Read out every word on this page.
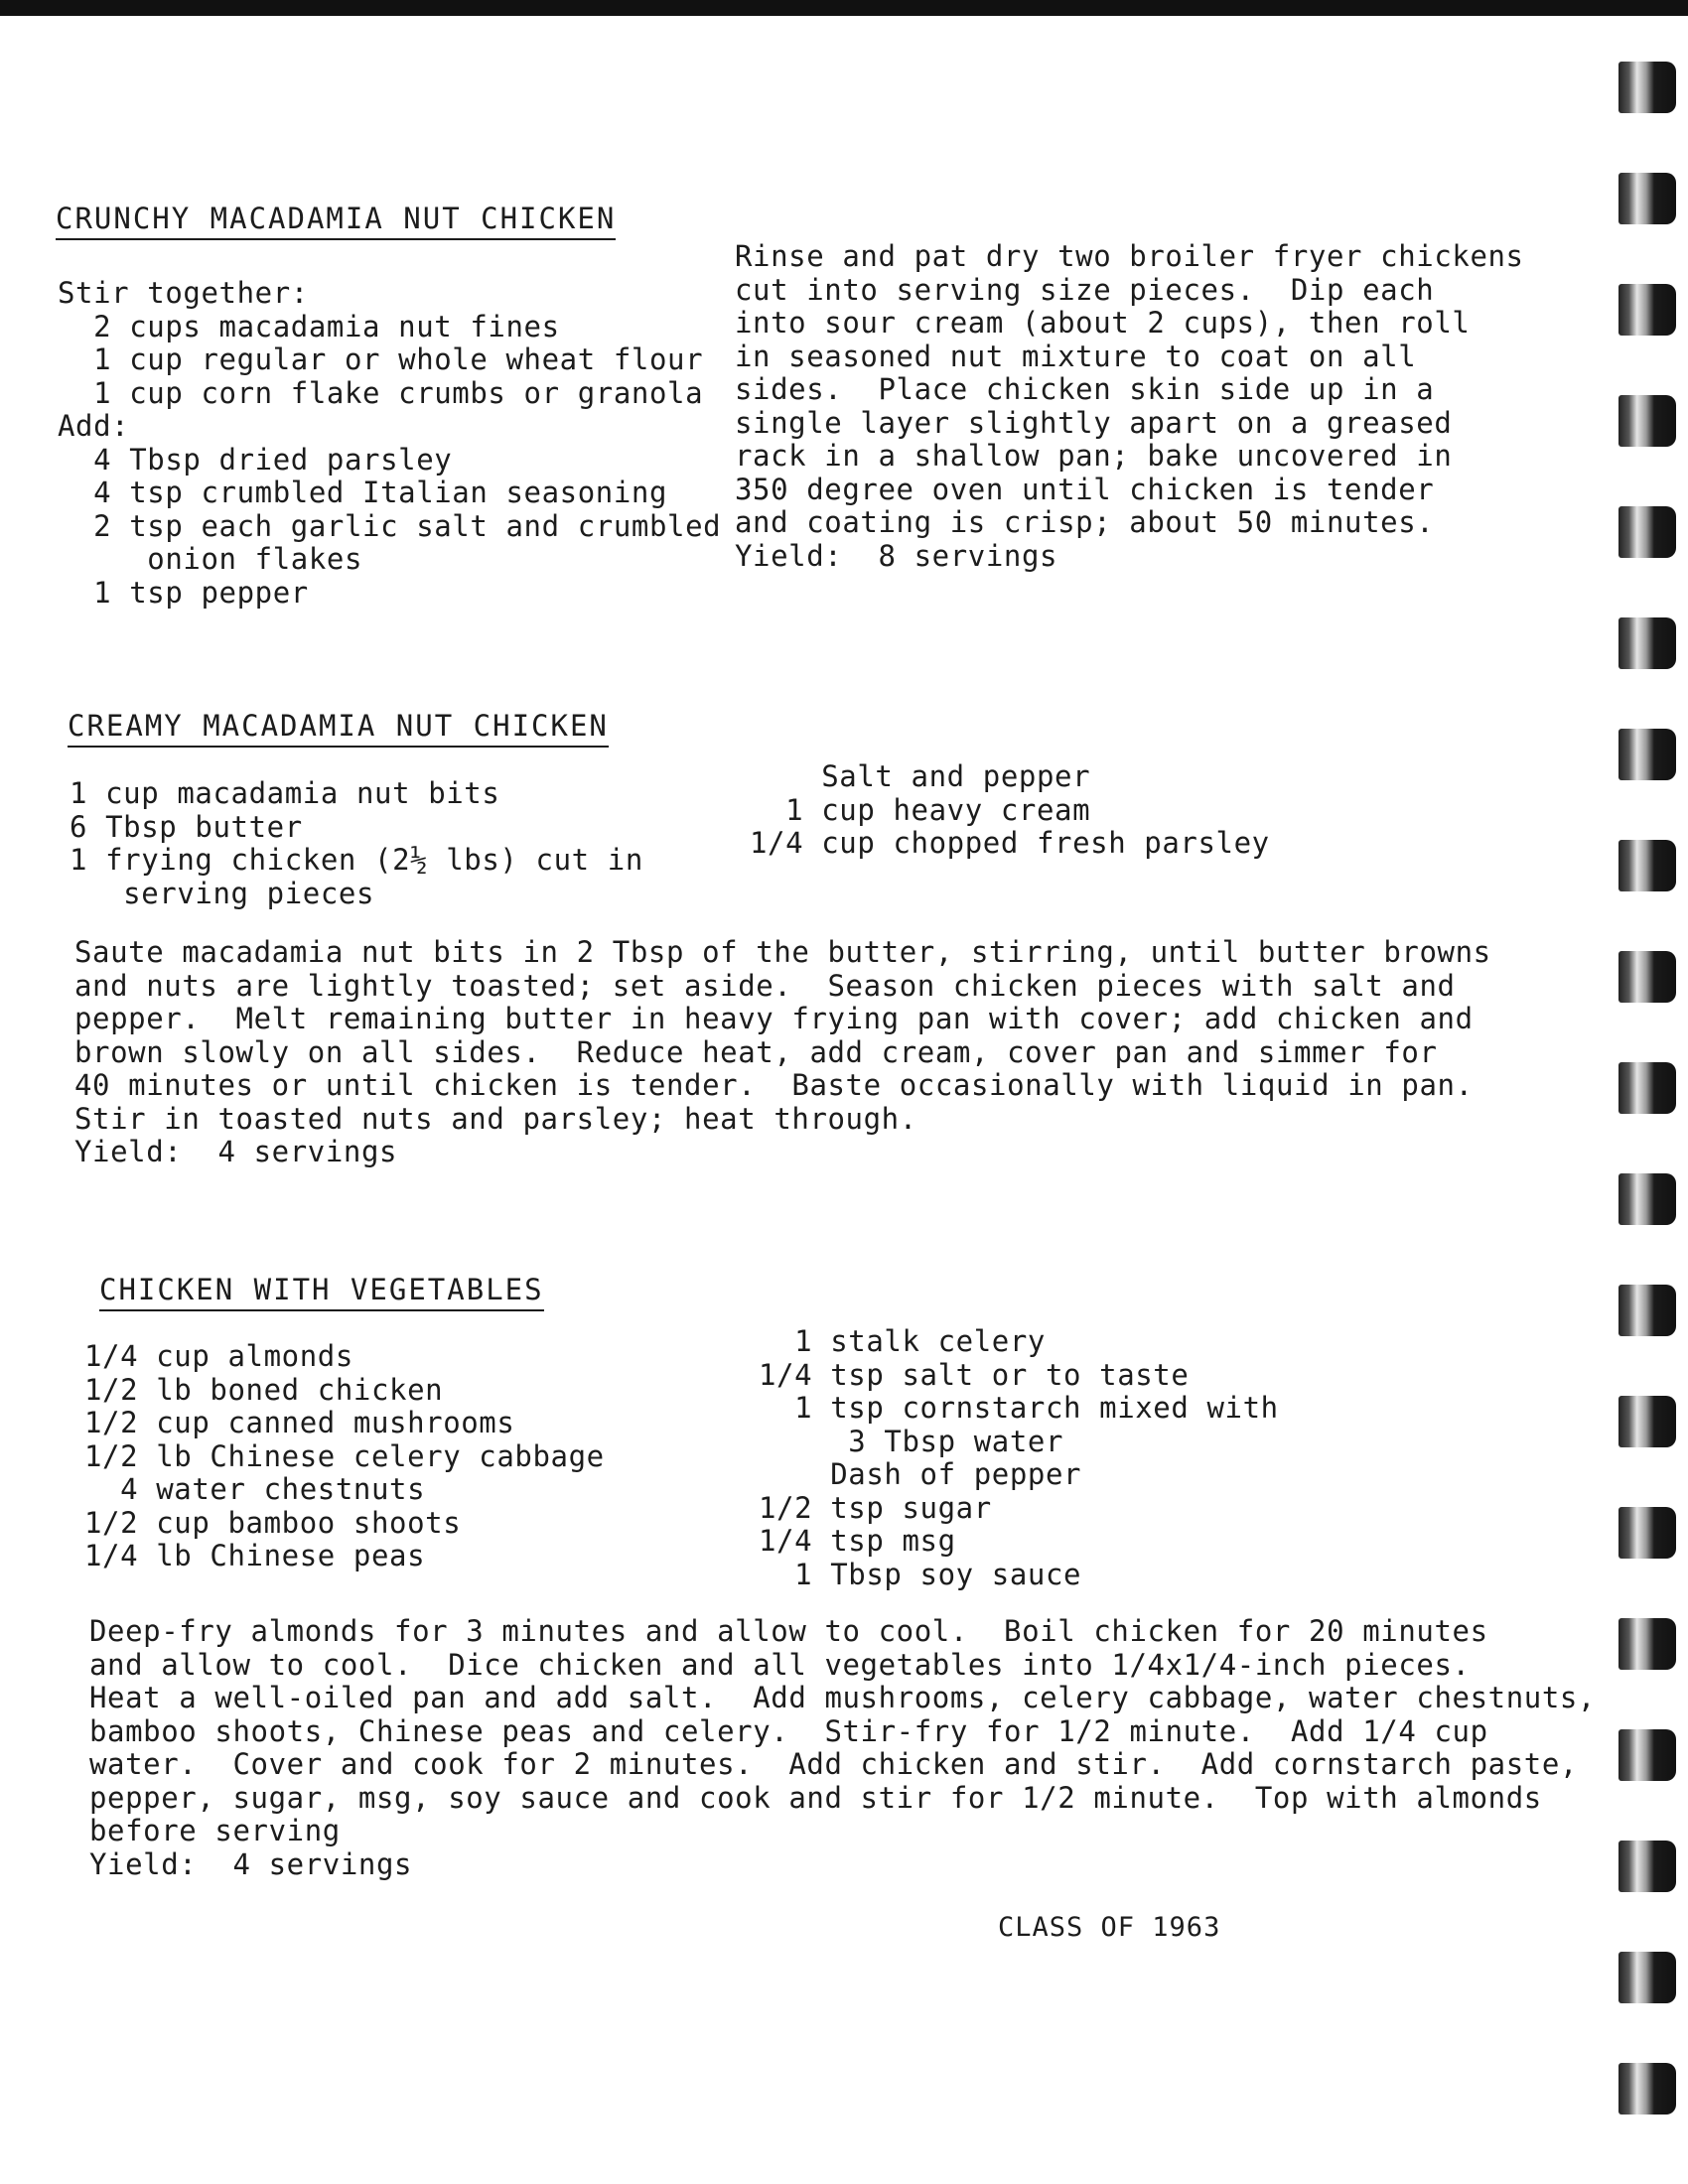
CRUNCHY MACADAMIA NUT CHICKEN
Stir together:
2 cups macadamia nut fines
1 cup regular or whole wheat flour
1 cup corn flake crumbs or granola
Add:
4 Tbsp dried parsley
4 tsp crumbled Italian seasoning
2 tsp each garlic salt and crumbled
onion flakes
1 tsp pepper
Rinse and pat dry two broiler fryer chickens
cut into serving size pieces.  Dip each
into sour cream (about 2 cups), then roll
in seasoned nut mixture to coat on all
sides.  Place chicken skin side up in a
single layer slightly apart on a greased
rack in a shallow pan; bake uncovered in
350 degree oven until chicken is tender
and coating is crisp; about 50 minutes.
Yield:  8 servings
CREAMY MACADAMIA NUT CHICKEN
1 cup macadamia nut bits
6 Tbsp butter
1 frying chicken (2½ lbs) cut in
serving pieces
Salt and pepper
1 cup heavy cream
1/4 cup chopped fresh parsley
Saute macadamia nut bits in 2 Tbsp of the butter, stirring, until butter browns
and nuts are lightly toasted; set aside.  Season chicken pieces with salt and
pepper.  Melt remaining butter in heavy frying pan with cover; add chicken and
brown slowly on all sides.  Reduce heat, add cream, cover pan and simmer for
40 minutes or until chicken is tender.  Baste occasionally with liquid in pan.
Stir in toasted nuts and parsley; heat through.
Yield:  4 servings
CHICKEN WITH VEGETABLES
1/4 cup almonds
1/2 lb boned chicken
1/2 cup canned mushrooms
1/2 lb Chinese celery cabbage
4 water chestnuts
1/2 cup bamboo shoots
1/4 lb Chinese peas
1 stalk celery
1/4 tsp salt or to taste
1 tsp cornstarch mixed with
3 Tbsp water
Dash of pepper
1/2 tsp sugar
1/4 tsp msg
1 Tbsp soy sauce
Deep-fry almonds for 3 minutes and allow to cool.  Boil chicken for 20 minutes
and allow to cool.  Dice chicken and all vegetables into 1/4x1/4-inch pieces.
Heat a well-oiled pan and add salt.  Add mushrooms, celery cabbage, water chestnuts,
bamboo shoots, Chinese peas and celery.  Stir-fry for 1/2 minute.  Add 1/4 cup
water.  Cover and cook for 2 minutes.  Add chicken and stir.  Add cornstarch paste,
pepper, sugar, msg, soy sauce and cook and stir for 1/2 minute.  Top with almonds
before serving
Yield:  4 servings
CLASS OF 1963
